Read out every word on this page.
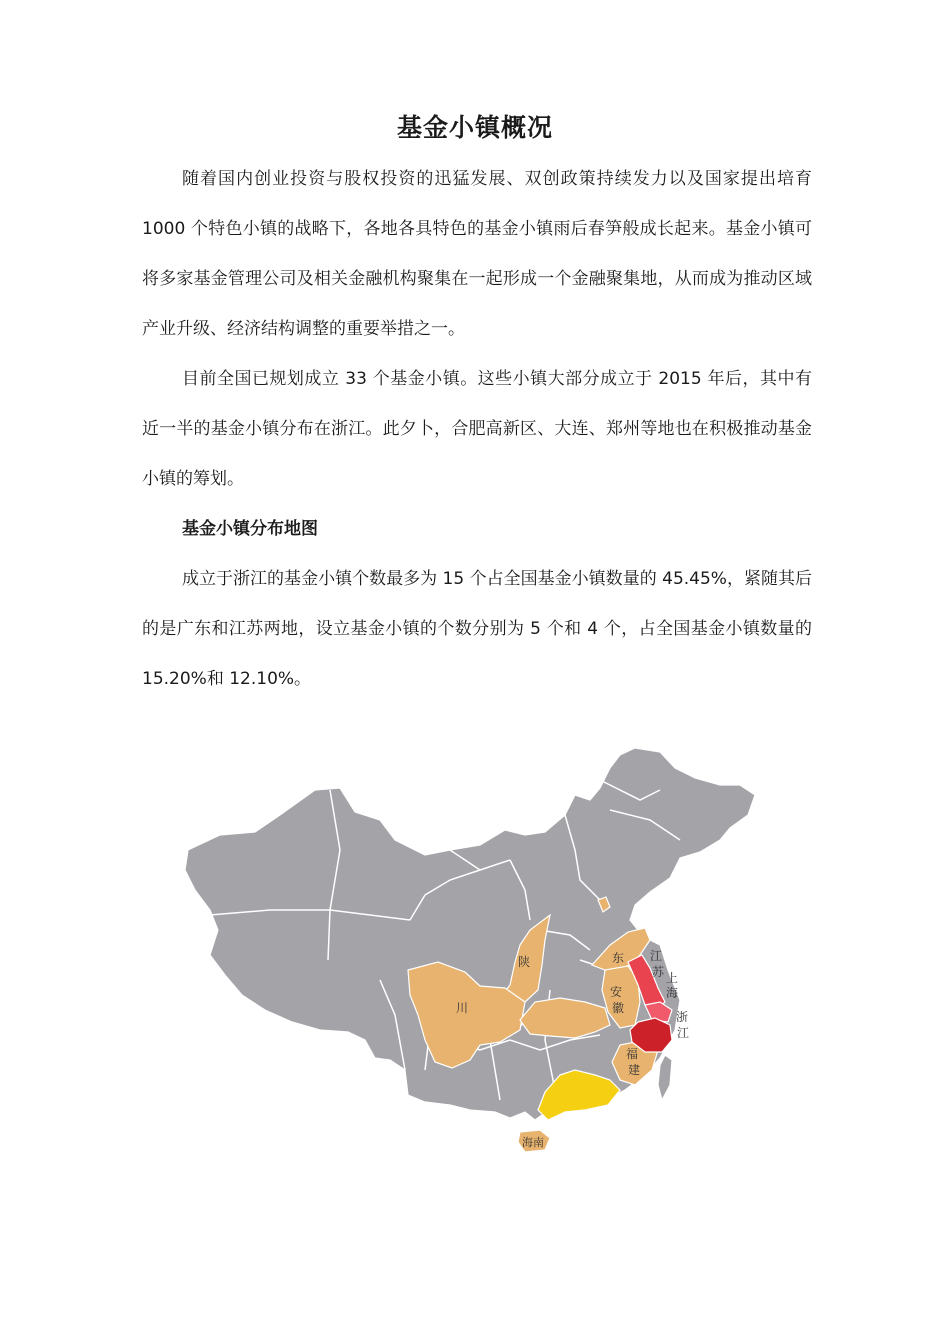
基金小镇概况

随着国内创业投资与股权投资的迅猛发展、双创政策持续发力以及国家提出培育 1000 个特色小镇的战略下，各地各具特色的基金小镇雨后春笋般成长起来。基金小镇可将多家基金管理公司及相关金融机构聚集在一起形成一个金融聚集地，从而成为推动区域产业升级、经济结构调整的重要举措之一。

目前全国已规划成立 33 个基金小镇。这些小镇大部分成立于 2015 年后，其中有近一半的基金小镇分布在浙江。此夕卜，合肥高新区、大连、郑州等地也在积极推动基金小镇的筹划。

基金小镇分布地图

成立于浙江的基金小镇个数最多为 15 个占全国基金小镇数量的 45.45%，紧随其后的是广东和江苏两地，设立基金小镇的个数分别为 5 个和 4 个，占全国基金小镇数量的 15.20%和 12.10%。

陕
川
东 江
苏 上
海
安
徽
浙
江
福
建
海南
